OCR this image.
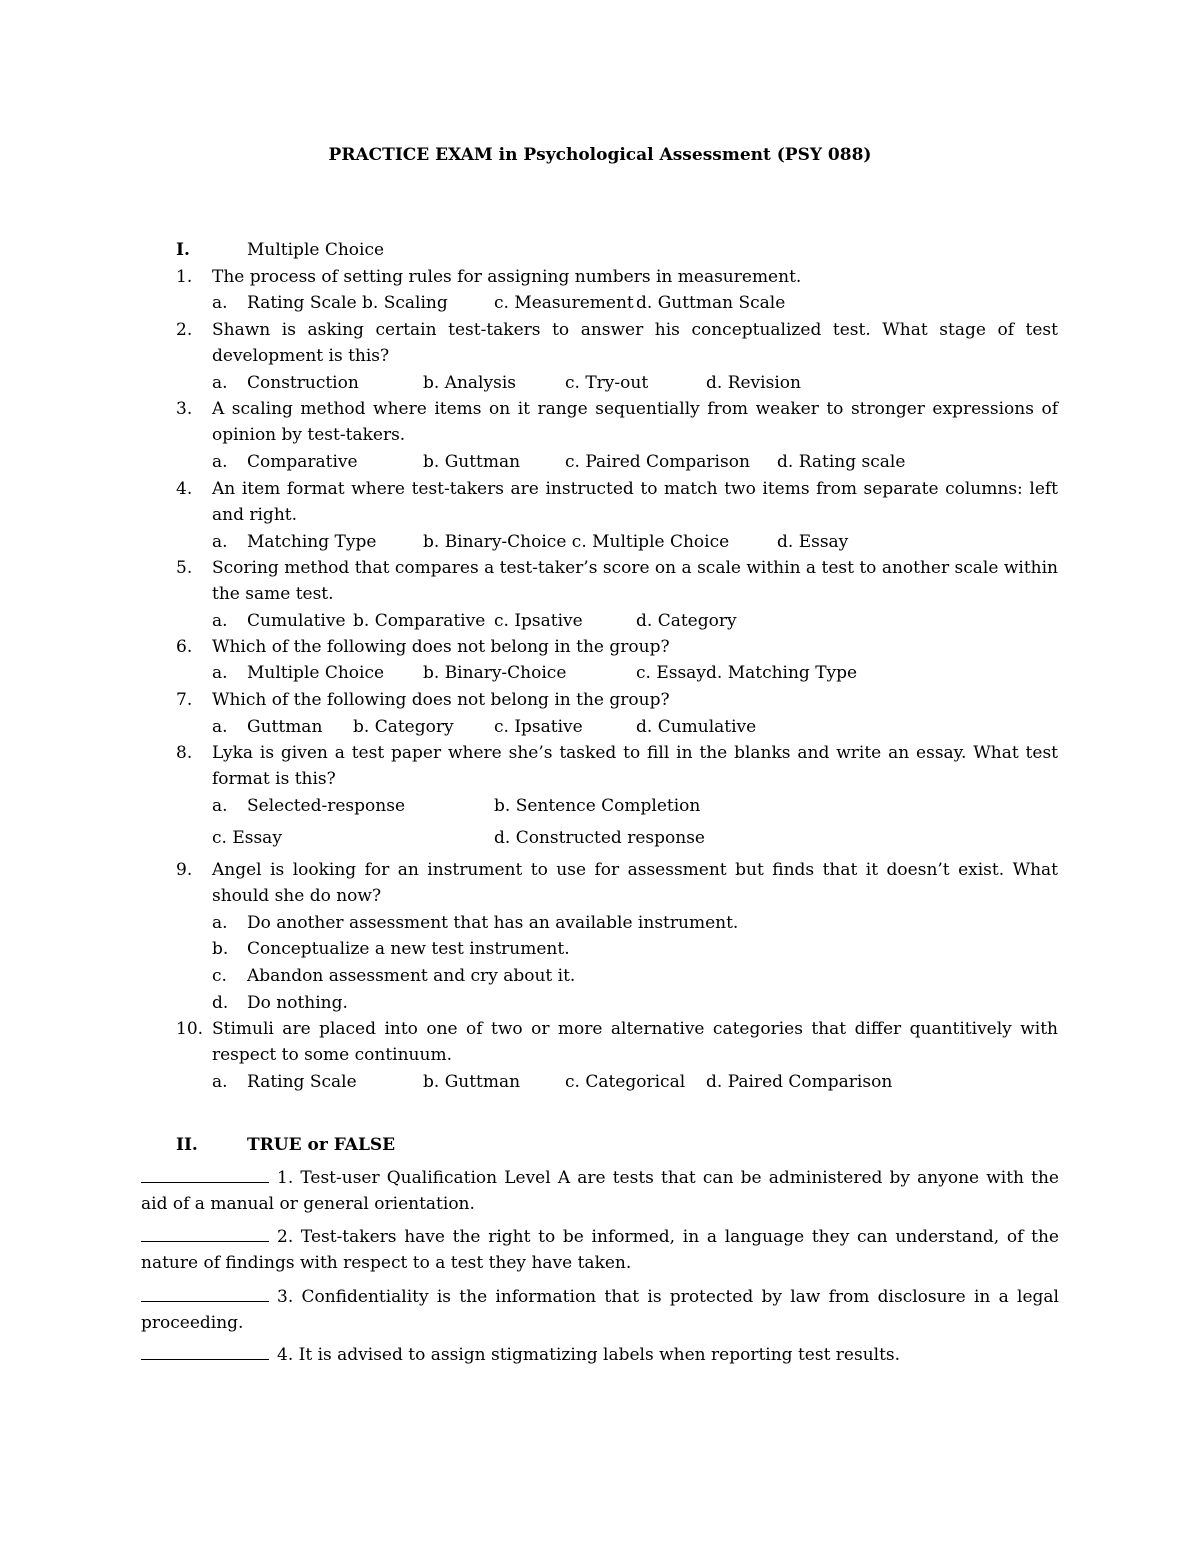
PRACTICE EXAM in Psychological Assessment (PSY 088)
I.	Multiple Choice
1. The process of setting rules for assigning numbers in measurement.
a. Rating Scale b. Scaling	c. Measurement d. Guttman Scale
2. Shawn is asking certain test-takers to answer his conceptualized test. What stage of test development is this?
a. Construction	b. Analysis	c. Try-out	d. Revision
3. A scaling method where items on it range sequentially from weaker to stronger expressions of opinion by test-takers.
a. Comparative	b. Guttman	c. Paired Comparison d. Rating scale
4. An item format where test-takers are instructed to match two items from separate columns: left and right.
a. Matching Type	b. Binary-Choice c. Multiple Choice	d. Essay
5. Scoring method that compares a test-taker’s score on a scale within a test to another scale within the same test.
a. Cumulative b. Comparative c. Ipsative	d. Category
6. Which of the following does not belong in the group?
a. Multiple Choice b. Binary-Choice	c. Essay d. Matching Type
7. Which of the following does not belong in the group?
a. Guttman b. Category c. Ipsative	d. Cumulative
8. Lyka is given a test paper where she’s tasked to fill in the blanks and write an essay. What test format is this?
a. Selected-response	b. Sentence Completion
c. Essay	d. Constructed response
9. Angel is looking for an instrument to use for assessment but finds that it doesn’t exist. What should she do now?
a. Do another assessment that has an available instrument.
b. Conceptualize a new test instrument.
c. Abandon assessment and cry about it.
d. Do nothing.
10. Stimuli are placed into one of two or more alternative categories that differ quantitively with respect to some continuum.
a. Rating Scale	b. Guttman	c. Categorical d. Paired Comparison
II.	TRUE or FALSE
1. Test-user Qualification Level A are tests that can be administered by anyone with the aid of a manual or general orientation.
2. Test-takers have the right to be informed, in a language they can understand, of the nature of findings with respect to a test they have taken.
3. Confidentiality is the information that is protected by law from disclosure in a legal proceeding.
4. It is advised to assign stigmatizing labels when reporting test results.
